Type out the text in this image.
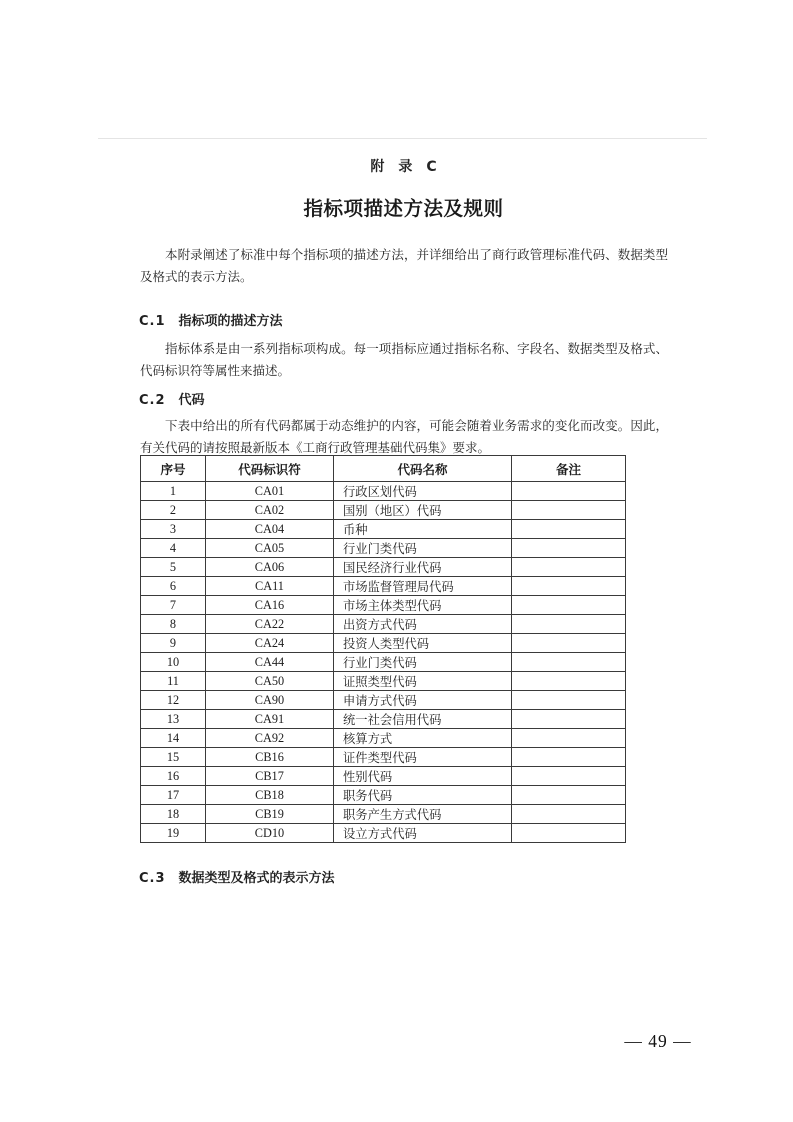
附　录　C
指标项描述方法及规则

本附录阐述了标准中每个指标项的描述方法，并详细给出了商行政管理标准代码、数据类型及格式的表示方法。

C.1 指标项的描述方法

指标体系是由一系列指标项构成。每一项指标应通过指标名称、字段名、数据类型及格式、代码标识符等属性来描述。

C.2 代码

下表中给出的所有代码都属于动态维护的内容，可能会随着业务需求的变化而改变。因此，有关代码的请按照最新版本《工商行政管理基础代码集》要求。

序号	代码标识符	代码名称	备注
1	CA01	行政区划代码	
2	CA02	国别（地区）代码	
3	CA04	币种	
4	CA05	行业门类代码	
5	CA06	国民经济行业代码	
6	CA11	市场监督管理局代码	
7	CA16	市场主体类型代码	
8	CA22	出资方式代码	
9	CA24	投资人类型代码	
10	CA44	行业门类代码	
11	CA50	证照类型代码	
12	CA90	申请方式代码	
13	CA91	统一社会信用代码	
14	CA92	核算方式	
15	CB16	证件类型代码	
16	CB17	性别代码	
17	CB18	职务代码	
18	CB19	职务产生方式代码	
19	CD10	设立方式代码	
C.3 数据类型及格式的表示方法
— 49 —
